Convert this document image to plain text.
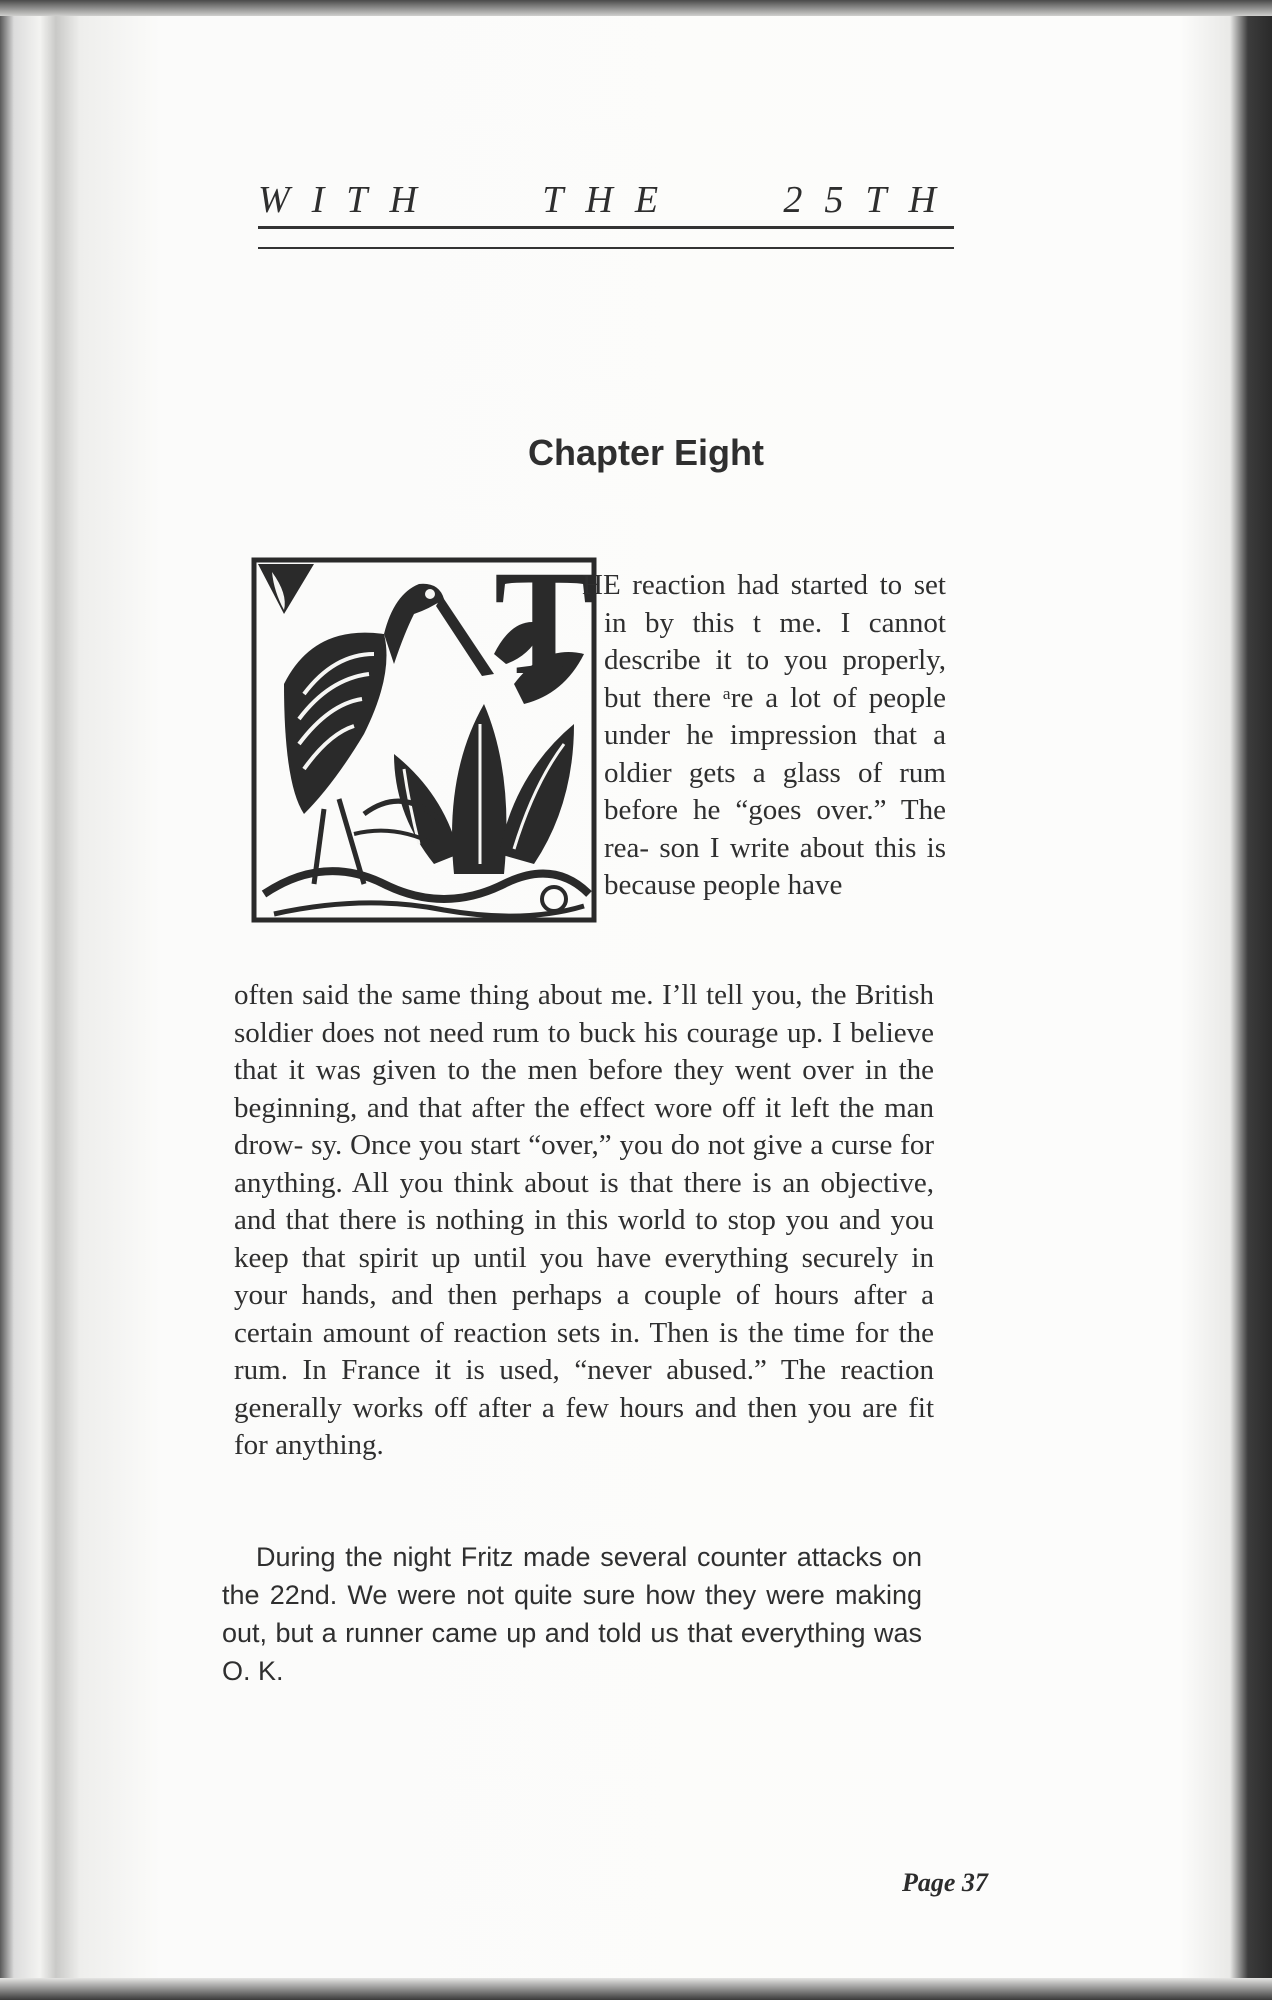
WITH	THE	25TH
Chapter Eight
T

HE reaction had started to set in by this t me. I cannot describe it to you properly, but there ᵃre a lot of people under he impression that a oldier gets a glass of rum before he “goes over.” The rea- son I write about this is because people have

often said the same thing about me. I’ll tell you, the British soldier does not need rum to buck his courage up. I believe that it was given to the men before they went over in the beginning, and that after the effect wore off it left the man drow- sy. Once you start “over,” you do not give a curse for anything. All you think about is that there is an objective, and that there is nothing in this world to stop you and you keep that spirit up until you have everything securely in your hands, and then perhaps a couple of hours after a certain amount of reaction sets in. Then is the time for the rum. In France it is used, “never abused.” The reaction generally works off after a few hours and then you are fit for anything.

During the night Fritz made several counter attacks on the 22nd. We were not quite sure how they were making out, but a runner came up and told us that everything was O. K.

Page 37
